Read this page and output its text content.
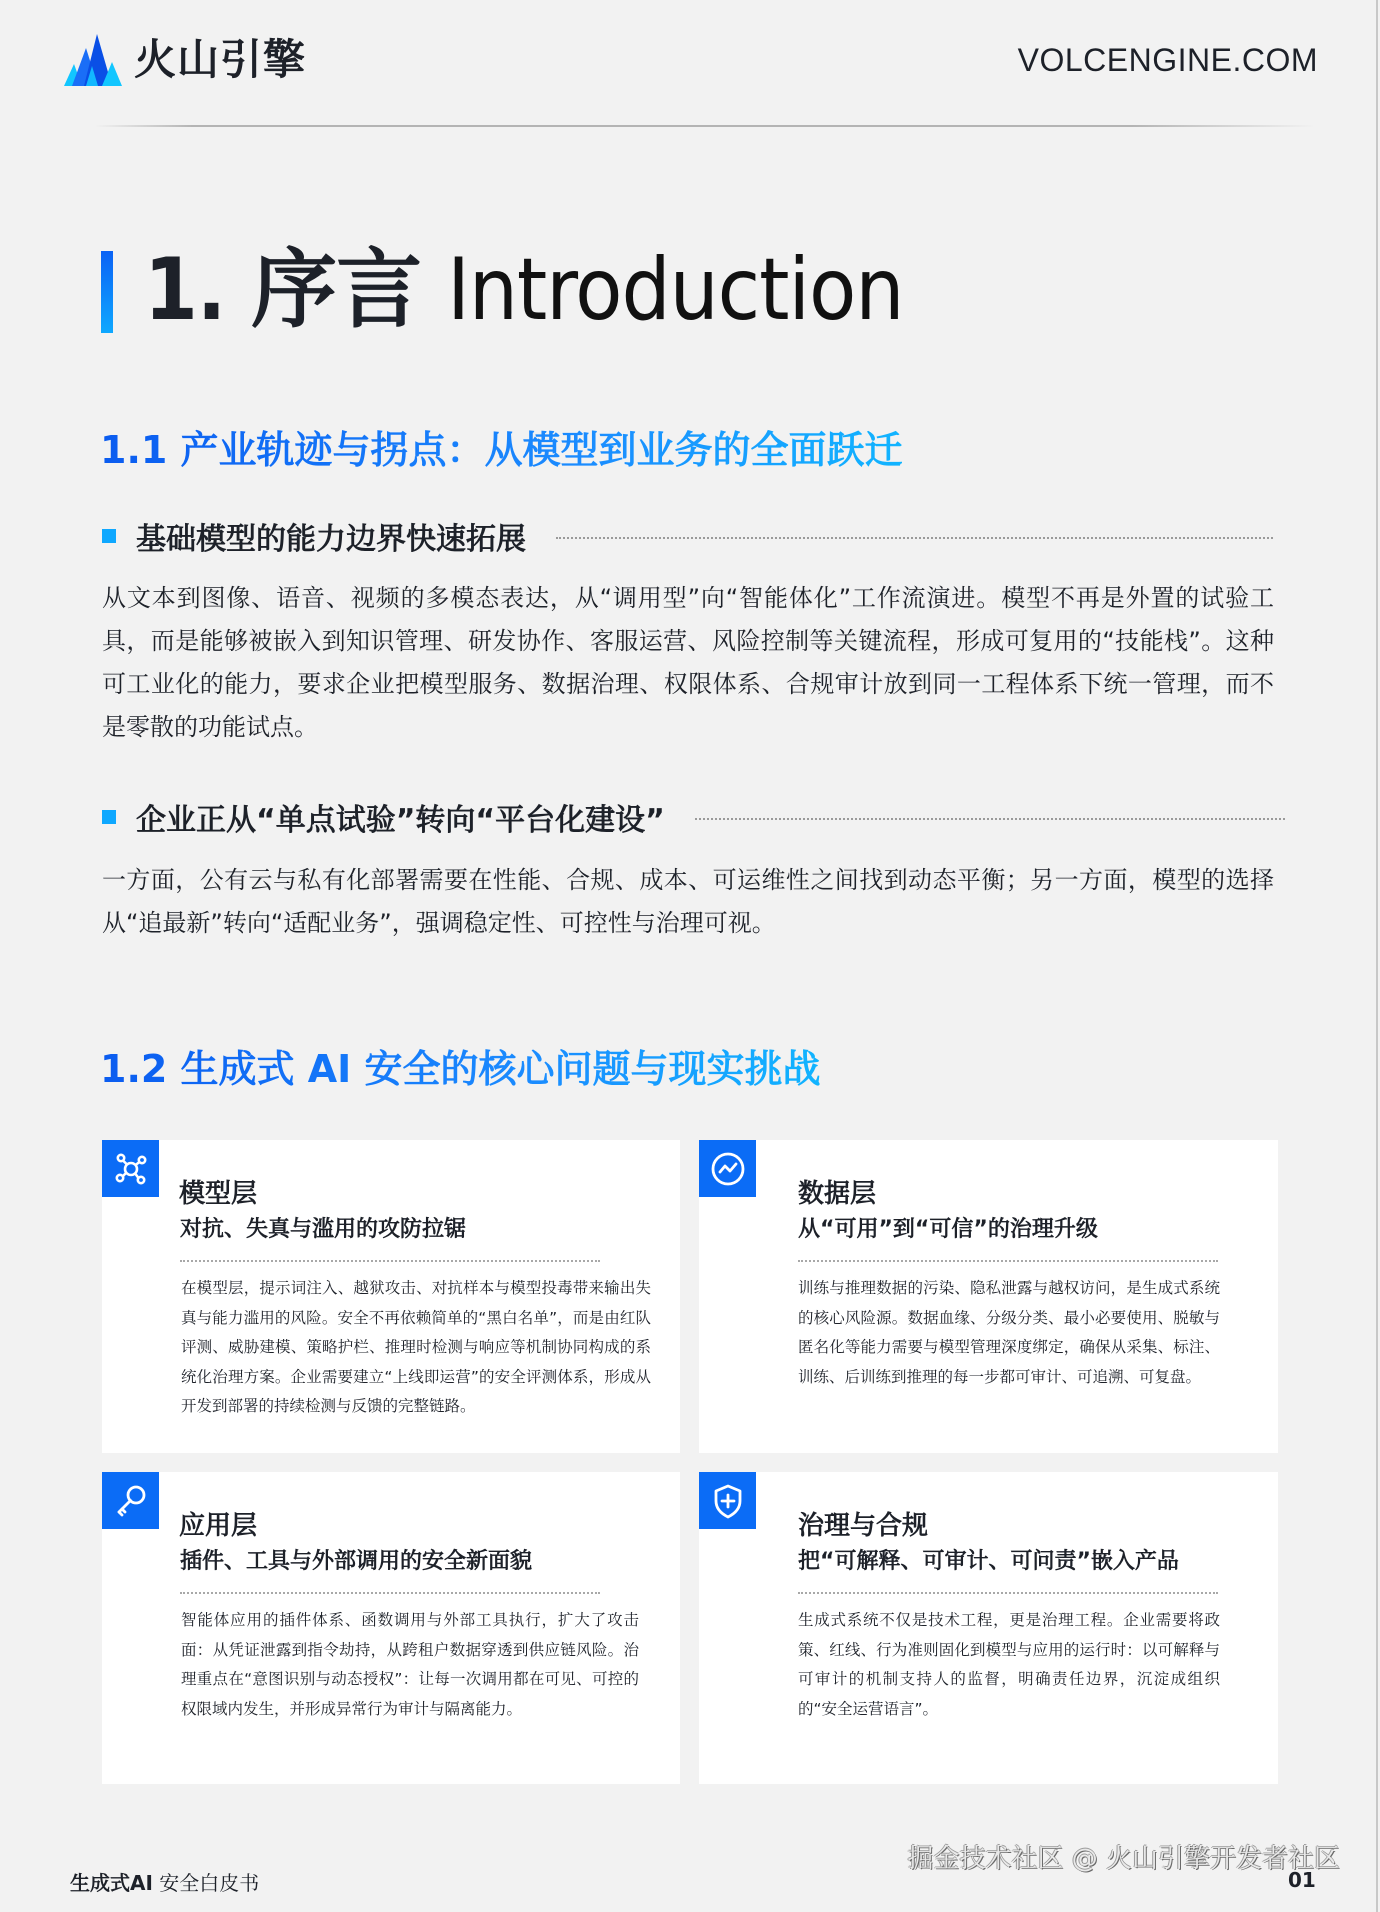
火山引擎	VOLCENGINE.COM
1. 序言 Introduction
1.1 产业轨迹与拐点：从模型到业务的全面跃迁
基础模型的能力边界快速拓展
从文本到图像、语音、视频的多模态表达，从“调用型”向“智能体化”工作流演进。模型不再是外置的试验工具，而是能够被嵌入到知识管理、研发协作、客服运营、风险控制等关键流程，形成可复用的“技能栈”。这种可工业化的能力，要求企业把模型服务、数据治理、权限体系、合规审计放到同一工程体系下统一管理，而不是零散的功能试点。
企业正从“单点试验”转向“平台化建设”
一方面，公有云与私有化部署需要在性能、合规、成本、可运维性之间找到动态平衡；另一方面，模型的选择从“追最新”转向“适配业务”，强调稳定性、可控性与治理可视。
1.2 生成式 AI 安全的核心问题与现实挑战
模型层
对抗、失真与滥用的攻防拉锯
在模型层，提示词注入、越狱攻击、对抗样本与模型投毒带来输出失真与能力滥用的风险。安全不再依赖简单的“黑白名单”，而是由红队评测、威胁建模、策略护栏、推理时检测与响应等机制协同构成的系统化治理方案。企业需要建立“上线即运营”的安全评测体系，形成从开发到部署的持续检测与反馈的完整链路。
数据层
从“可用”到“可信”的治理升级
训练与推理数据的污染、隐私泄露与越权访问，是生成式系统的核心风险源。数据血缘、分级分类、最小必要使用、脱敏与匿名化等能力需要与模型管理深度绑定，确保从采集、标注、训练、后训练到推理的每一步都可审计、可追溯、可复盘。
应用层
插件、工具与外部调用的安全新面貌
智能体应用的插件体系、函数调用与外部工具执行，扩大了攻击面：从凭证泄露到指令劫持，从跨租户数据穿透到供应链风险。治理重点在“意图识别与动态授权”：让每一次调用都在可见、可控的权限域内发生，并形成异常行为审计与隔离能力。
治理与合规
把“可解释、可审计、可问责”嵌入产品
生成式系统不仅是技术工程，更是治理工程。企业需要将政策、红线、行为准则固化到模型与应用的运行时：以可解释与可审计的机制支持人的监督，明确责任边界，沉淀成组织的“安全运营语言”。
生成式AI 安全白皮书
掘金技术社区 @ 火山引擎开发者社区
01
